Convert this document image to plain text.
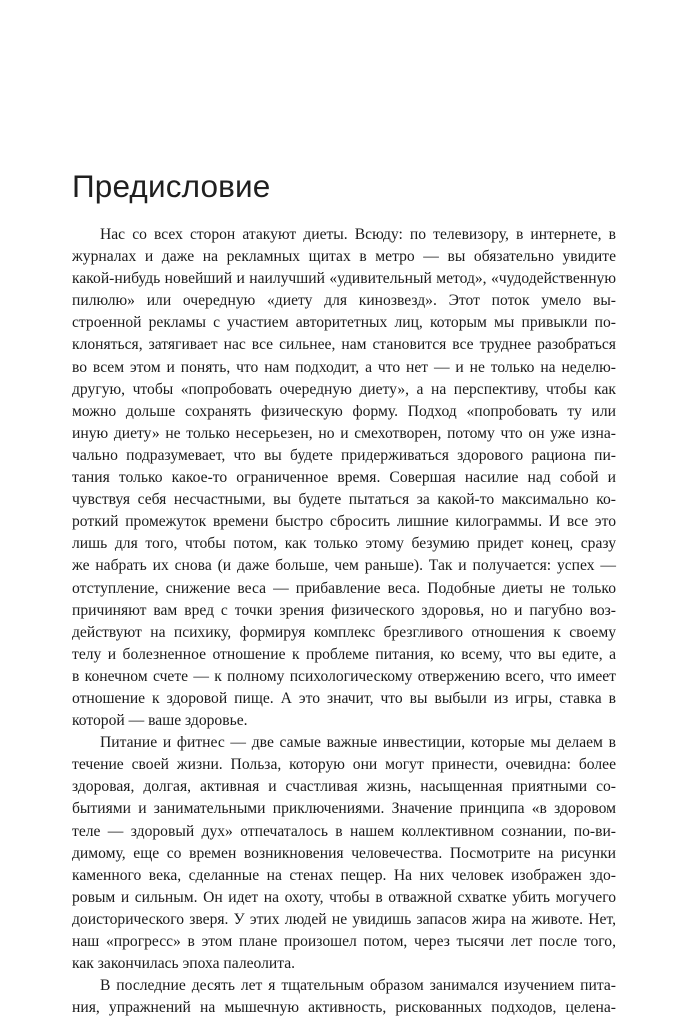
Предисловие
Нас со всех сторон атакуют диеты. Всюду: по телевизору, в интернете, в
журналах и даже на рекламных щитах в метро — вы обязательно увидите
какой-нибудь новейший и наилучший «удивительный метод», «чудодейственную
пилюлю» или очередную «диету для кинозвезд». Этот поток умело вы-
строенной рекламы с участием авторитетных лиц, которым мы привыкли по-
клоняться, затягивает нас все сильнее, нам становится все труднее разобраться
во всем этом и понять, что нам подходит, а что нет — и не только на неделю-
другую, чтобы «попробовать очередную диету», а на перспективу, чтобы как
можно дольше сохранять физическую форму. Подход «попробовать ту или
иную диету» не только несерьезен, но и смехотворен, потому что он уже изна-
чально подразумевает, что вы будете придерживаться здорового рациона пи-
тания только какое-то ограниченное время. Совершая насилие над собой и
чувствуя себя несчастными, вы будете пытаться за какой-то максимально ко-
роткий промежуток времени быстро сбросить лишние килограммы. И все это
лишь для того, чтобы потом, как только этому безумию придет конец, сразу
же набрать их снова (и даже больше, чем раньше). Так и получается: успех —
отступление, снижение веса — прибавление веса. Подобные диеты не только
причиняют вам вред с точки зрения физического здоровья, но и пагубно воз-
действуют на психику, формируя комплекс брезгливого отношения к своему
телу и болезненное отношение к проблеме питания, ко всему, что вы едите, а
в конечном счете — к полному психологическому отвержению всего, что имеет
отношение к здоровой пище. А это значит, что вы выбыли из игры, ставка в
которой — ваше здоровье.
Питание и фитнес — две самые важные инвестиции, которые мы делаем в
течение своей жизни. Польза, которую они могут принести, очевидна: более
здоровая, долгая, активная и счастливая жизнь, насыщенная приятными со-
бытиями и занимательными приключениями. Значение принципа «в здоровом
теле — здоровый дух» отпечаталось в нашем коллективном сознании, по-ви-
димому, еще со времен возникновения человечества. Посмотрите на рисунки
каменного века, сделанные на стенах пещер. На них человек изображен здо-
ровым и сильным. Он идет на охоту, чтобы в отважной схватке убить могучего
доисторического зверя. У этих людей не увидишь запасов жира на животе. Нет,
наш «прогресс» в этом плане произошел потом, через тысячи лет после того,
как закончилась эпоха палеолита.
В последние десять лет я тщательным образом занимался изучением пита-
ния, упражнений на мышечную активность, рискованных подходов, целена-
